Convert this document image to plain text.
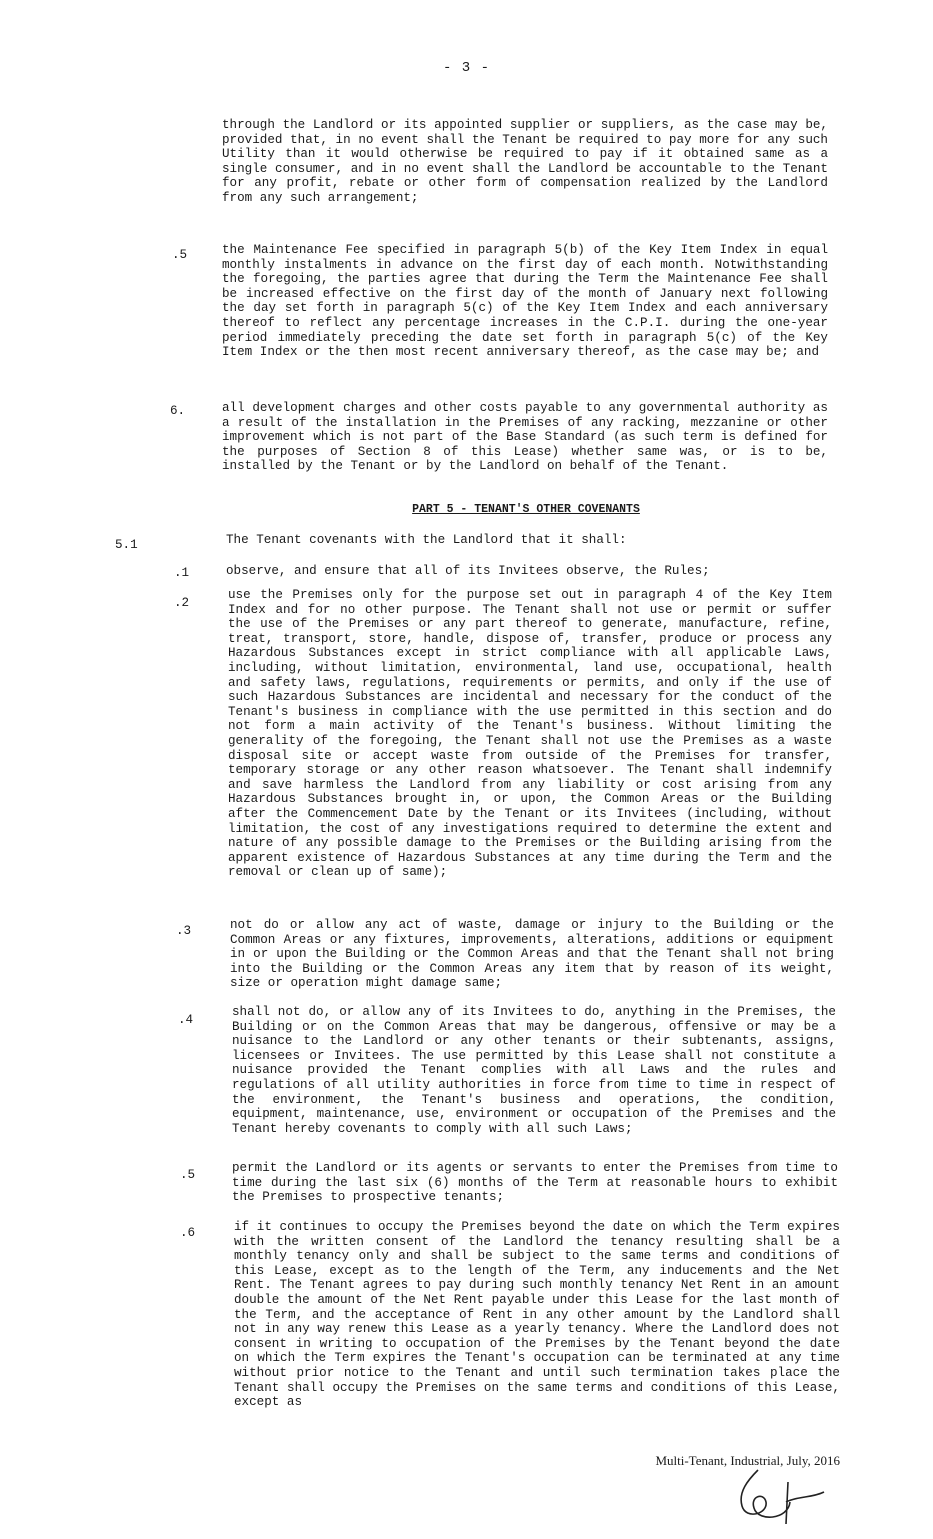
- 3 -
through the Landlord or its appointed supplier or suppliers, as the case may be, provided that, in no event shall the Tenant be required to pay more for any such Utility than it would otherwise be required to pay if it obtained same as a single consumer, and in no event shall the Landlord be accountable to the Tenant for any profit, rebate or other form of compensation realized by the Landlord from any such arrangement;
.5	the Maintenance Fee specified in paragraph 5(b) of the Key Item Index in equal monthly instalments in advance on the first day of each month. Notwithstanding the foregoing, the parties agree that during the Term the Maintenance Fee shall be increased effective on the first day of the month of January next following the day set forth in paragraph 5(c) of the Key Item Index and each anniversary thereof to reflect any percentage increases in the C.P.I. during the one-year period immediately preceding the date set forth in paragraph 5(c) of the Key Item Index or the then most recent anniversary thereof, as the case may be; and
6.	all development charges and other costs payable to any governmental authority as a result of the installation in the Premises of any racking, mezzanine or other improvement which is not part of the Base Standard (as such term is defined for the purposes of Section 8 of this Lease) whether same was, or is to be, installed by the Tenant or by the Landlord on behalf of the Tenant.
PART 5 - TENANT'S OTHER COVENANTS
5.1	The Tenant covenants with the Landlord that it shall:
.1	observe, and ensure that all of its Invitees observe, the Rules;
.2
use the Premises only for the purpose set out in paragraph 4 of the Key Item Index and for no other purpose. The Tenant shall not use or permit or suffer the use of the Premises or any part thereof to generate, manufacture, refine, treat, transport, store, handle, dispose of, transfer, produce or process any Hazardous Substances except in strict compliance with all applicable Laws, including, without limitation, environmental, land use, occupational, health and safety laws, regulations, requirements or permits, and only if the use of such Hazardous Substances are incidental and necessary for the conduct of the Tenant's business in compliance with the use permitted in this section and do not form a main activity of the Tenant's business. Without limiting the generality of the foregoing, the Tenant shall not use the Premises as a waste disposal site or accept waste from outside of the Premises for transfer, temporary storage or any other reason whatsoever. The Tenant shall indemnify and save harmless the Landlord from any liability or cost arising from any Hazardous Substances brought in, or upon, the Common Areas or the Building after the Commencement Date by the Tenant or its Invitees (including, without limitation, the cost of any investigations required to determine the extent and nature of any possible damage to the Premises or the Building arising from the apparent existence of Hazardous Substances at any time during the Term and the removal or clean up of same);
.3	not do or allow any act of waste, damage or injury to the Building or the Common Areas or any fixtures, improvements, alterations, additions or equipment in or upon the Building or the Common Areas and that the Tenant shall not bring into the Building or the Common Areas any item that by reason of its weight, size or operation might damage same;
.4
shall not do, or allow any of its Invitees to do, anything in the Premises, the Building or on the Common Areas that may be dangerous, offensive or may be a nuisance to the Landlord or any other tenants or their subtenants, assigns, licensees or Invitees. The use permitted by this Lease shall not constitute a nuisance provided the Tenant complies with all Laws and the rules and regulations of all utility authorities in force from time to time in respect of the environment, the Tenant's business and operations, the condition, equipment, maintenance, use, environment or occupation of the Premises and the Tenant hereby covenants to comply with all such Laws;
.5	permit the Landlord or its agents or servants to enter the Premises from time to time during the last six (6) months of the Term at reasonable hours to exhibit the Premises to prospective tenants;
.6	if it continues to occupy the Premises beyond the date on which the Term expires with the written consent of the Landlord the tenancy resulting shall be a monthly tenancy only and shall be subject to the same terms and conditions of this Lease, except as to the length of the Term, any inducements and the Net Rent. The Tenant agrees to pay during such monthly tenancy Net Rent in an amount double the amount of the Net Rent payable under this Lease for the last month of the Term, and the acceptance of Rent in any other amount by the Landlord shall not in any way renew this Lease as a yearly tenancy. Where the Landlord does not consent in writing to occupation of the Premises by the Tenant beyond the date on which the Term expires the Tenant's occupation can be terminated at any time without prior notice to the Tenant and until such termination takes place the Tenant shall occupy the Premises on the same terms and conditions of this Lease, except as
Multi-Tenant, Industrial, July, 2016
